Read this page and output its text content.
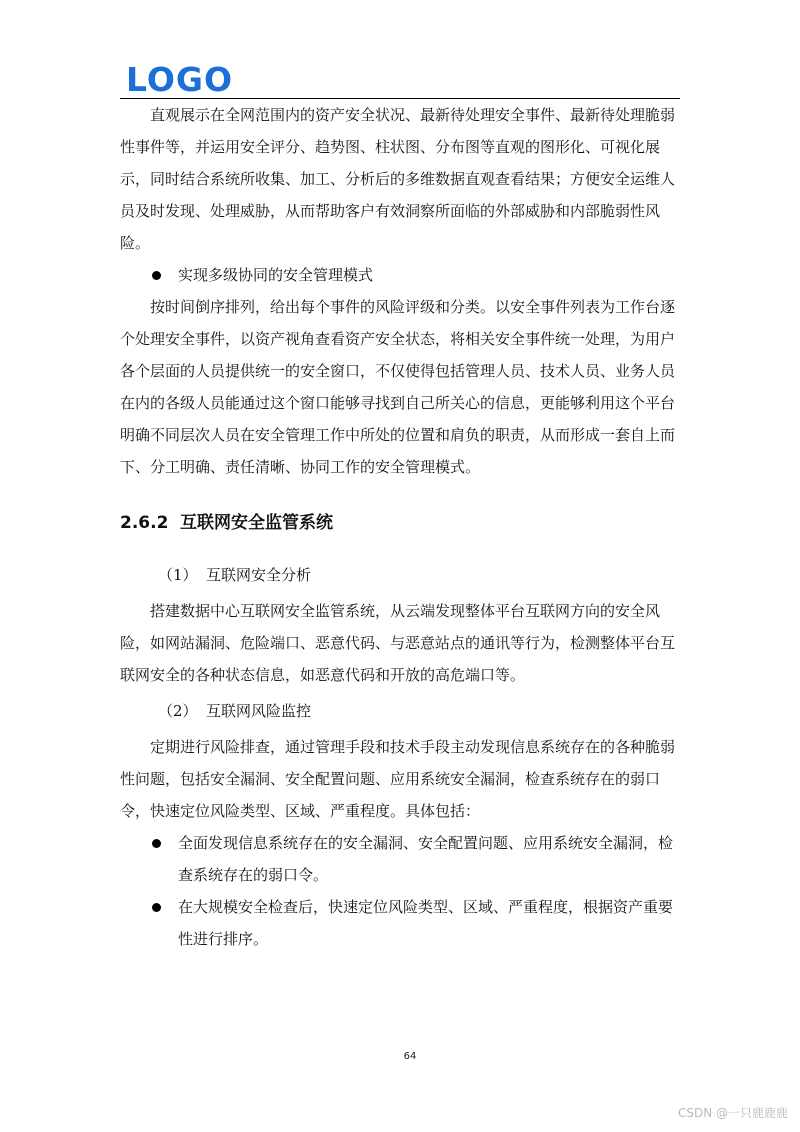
LOGO

直观展示在全网范围内的资产安全状况、最新待处理安全事件、最新待处理脆弱性事件等，并运用安全评分、趋势图、柱状图、分布图等直观的图形化、可视化展示，同时结合系统所收集、加工、分析后的多维数据直观查看结果；方便安全运维人员及时发现、处理威胁，从而帮助客户有效洞察所面临的外部威胁和内部脆弱性风险。

实现多级协同的安全管理模式

按时间倒序排列，给出每个事件的风险评级和分类。以安全事件列表为工作台逐个处理安全事件，以资产视角查看资产安全状态，将相关安全事件统一处理，为用户各个层面的人员提供统一的安全窗口，不仅使得包括管理人员、技术人员、业务人员在内的各级人员能通过这个窗口能够寻找到自己所关心的信息，更能够利用这个平台明确不同层次人员在安全管理工作中所处的位置和肩负的职责，从而形成一套自上而下、分工明确、责任清晰、协同工作的安全管理模式。

2.6.2 互联网安全监管系统

（1） 互联网安全分析

搭建数据中心互联网安全监管系统，从云端发现整体平台互联网方向的安全风险，如网站漏洞、危险端口、恶意代码、与恶意站点的通讯等行为，检测整体平台互联网安全的各种状态信息，如恶意代码和开放的高危端口等。

（2） 互联网风险监控

定期进行风险排查，通过管理手段和技术手段主动发现信息系统存在的各种脆弱性问题，包括安全漏洞、安全配置问题、应用系统安全漏洞，检查系统存在的弱口令，快速定位风险类型、区域、严重程度。具体包括：

全面发现信息系统存在的安全漏洞、安全配置问题、应用系统安全漏洞，检查系统存在的弱口令。

在大规模安全检查后，快速定位风险类型、区域、严重程度，根据资产重要性进行排序。

64
CSDN @一只鹿鹿鹿
